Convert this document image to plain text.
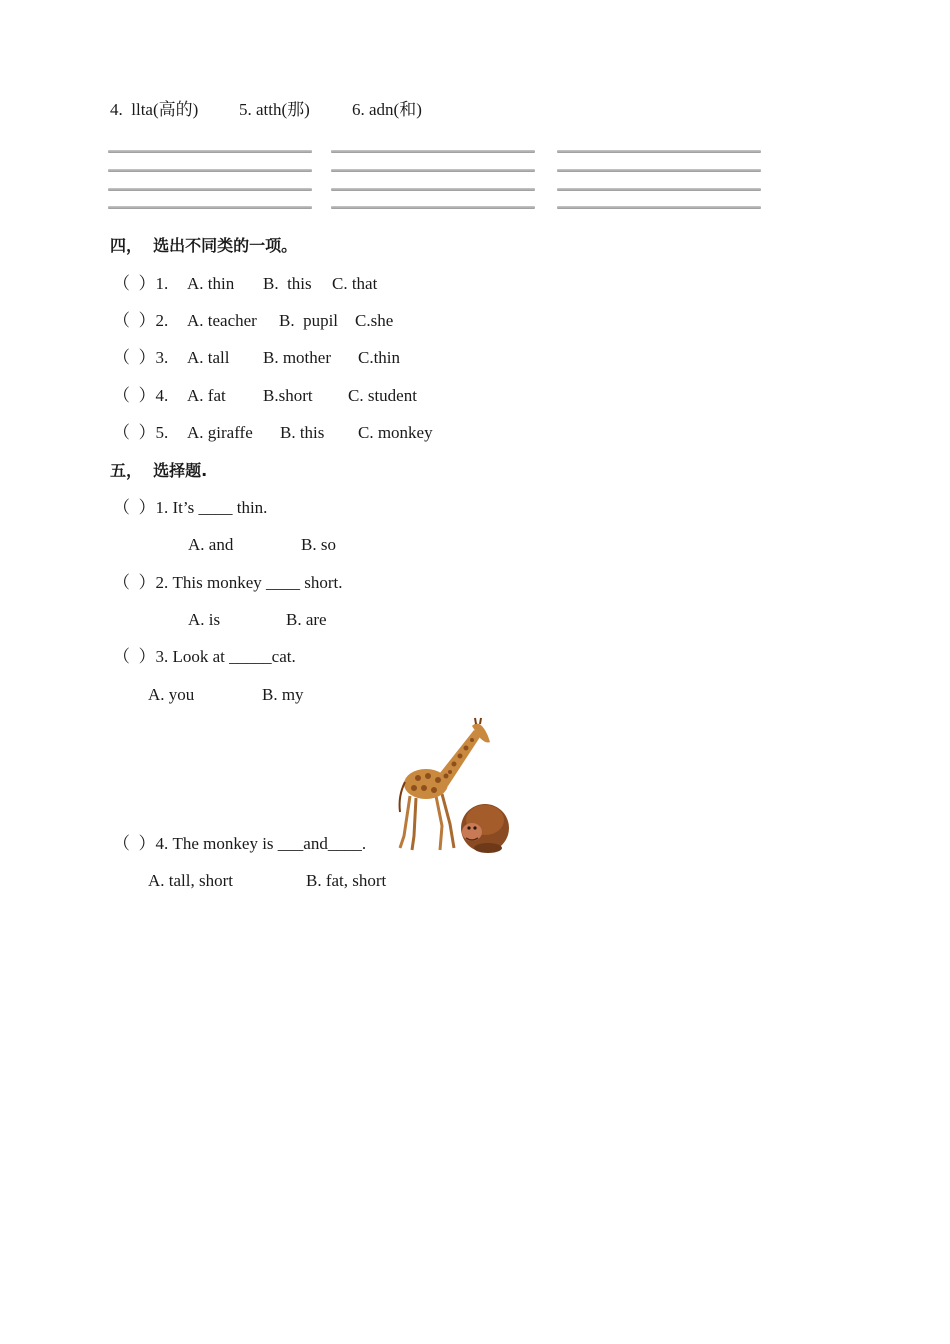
4.  llta(高的) 5. atth(那) 6. adn(和)
四，  选出不同类的一项。
（  ）1. A. thin B.  this C. that
（  ）2. A. teacher B.  pupil C.she
（  ）3. A. tall B. mother C.thin
（  ）4. A. fat B.short C. student
（  ）5. A. giraffe B. this C. monkey
五，  选择题.
（  ）1. It’s ____ thin.
A. and	B. so
（  ）2. This monkey ____ short.
A. is	B. are
（  ）3. Look at _____cat.
A. you	B. my
（  ）4. The monkey is ___and____.
A. tall, short	B. fat, short
